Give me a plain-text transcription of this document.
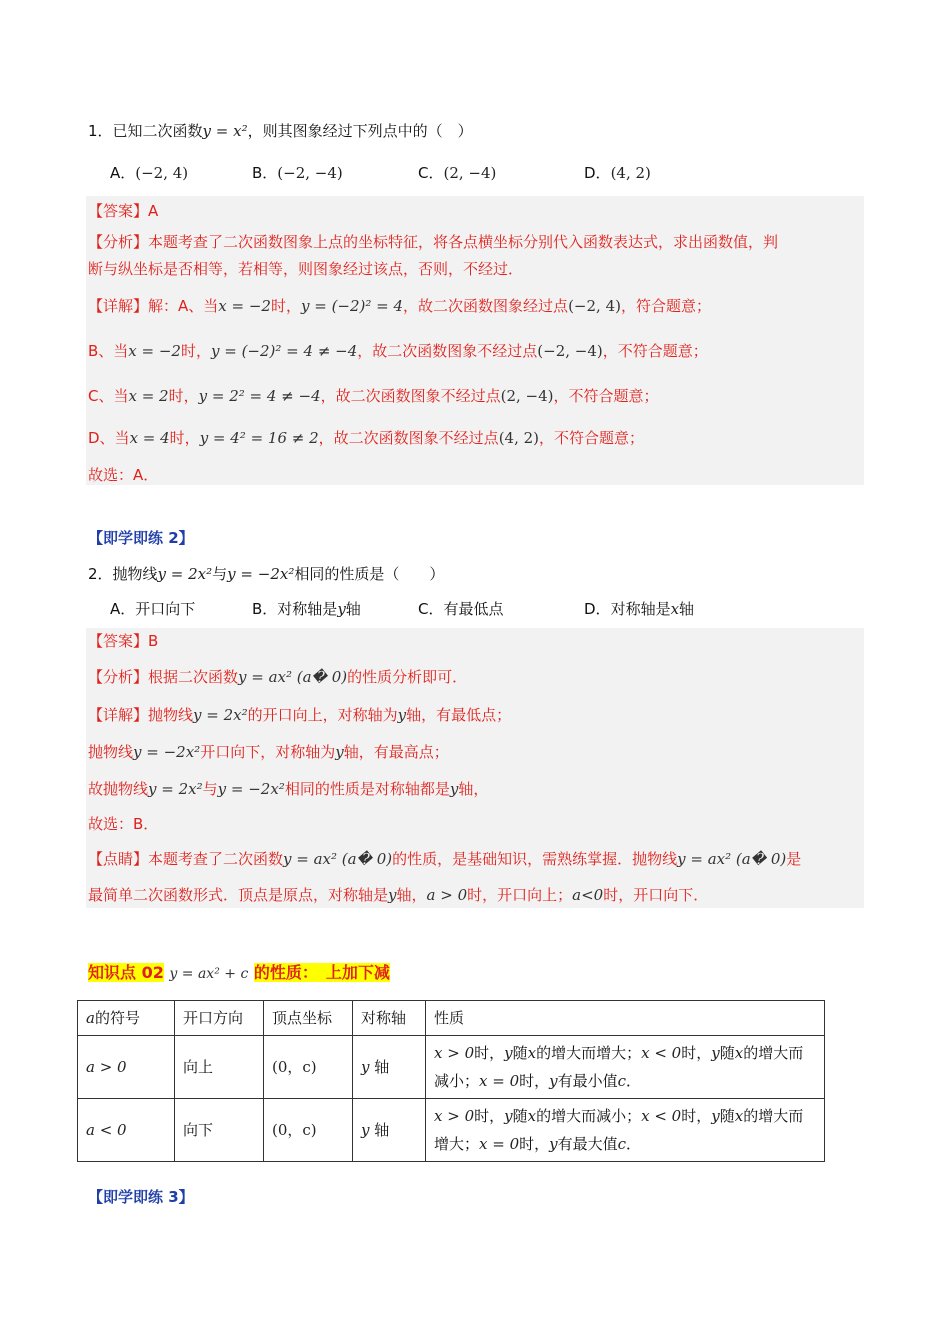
1．已知二次函数y = x²，则其图象经过下列点中的（　）
A．(−2, 4)	B．(−2, −4)	C．(2, −4)	D．(4, 2)
【答案】A
【分析】本题考查了二次函数图象上点的坐标特征，将各点横坐标分别代入函数表达式，求出函数值，判
断与纵坐标是否相等，若相等，则图象经过该点，否则，不经过．
【详解】解：A、当x = −2时，y = (−2)² = 4，故二次函数图象经过点(−2, 4)，符合题意；
B、当x = −2时，y = (−2)² = 4 ≠ −4，故二次函数图象不经过点(−2, −4)，不符合题意；
C、当x = 2时，y = 2² = 4 ≠ −4，故二次函数图象不经过点(2, −4)，不符合题意；
D、当x = 4时，y = 4² = 16 ≠ 2，故二次函数图象不经过点(4, 2)，不符合题意；
故选：A．
【即学即练 2】
2．抛物线y = 2x²与y = −2x²相同的性质是（　　）
A．开口向下	B．对称轴是y轴	C．有最低点	D．对称轴是x轴
【答案】B
【分析】根据二次函数y = ax² (a� 0)的性质分析即可．
【详解】抛物线y = 2x²的开口向上，对称轴为y轴，有最低点；
抛物线y = −2x²开口向下，对称轴为y轴，有最高点；
故抛物线y = 2x²与y = −2x²相同的性质是对称轴都是y轴，
故选：B．
【点睛】本题考查了二次函数y = ax² (a� 0)的性质，是基础知识，需熟练掌握．抛物线y = ax² (a� 0)是
最简单二次函数形式．顶点是原点，对称轴是y轴，a > 0时，开口向上；a<0时，开口向下．
知识点 02 y = ax² + c 的性质：　上加下减
a的符号	开口方向	顶点坐标	对称轴	性质
a > 0	向上	(0，c)	y 轴	x > 0时，y随x的增大而增大；x < 0时，y随x的增大而减小；x = 0时，y有最小值c．
a < 0	向下	(0，c)	y 轴	x > 0时，y随x的增大而减小；x < 0时，y随x的增大而增大；x = 0时，y有最大值c．
【即学即练 3】
